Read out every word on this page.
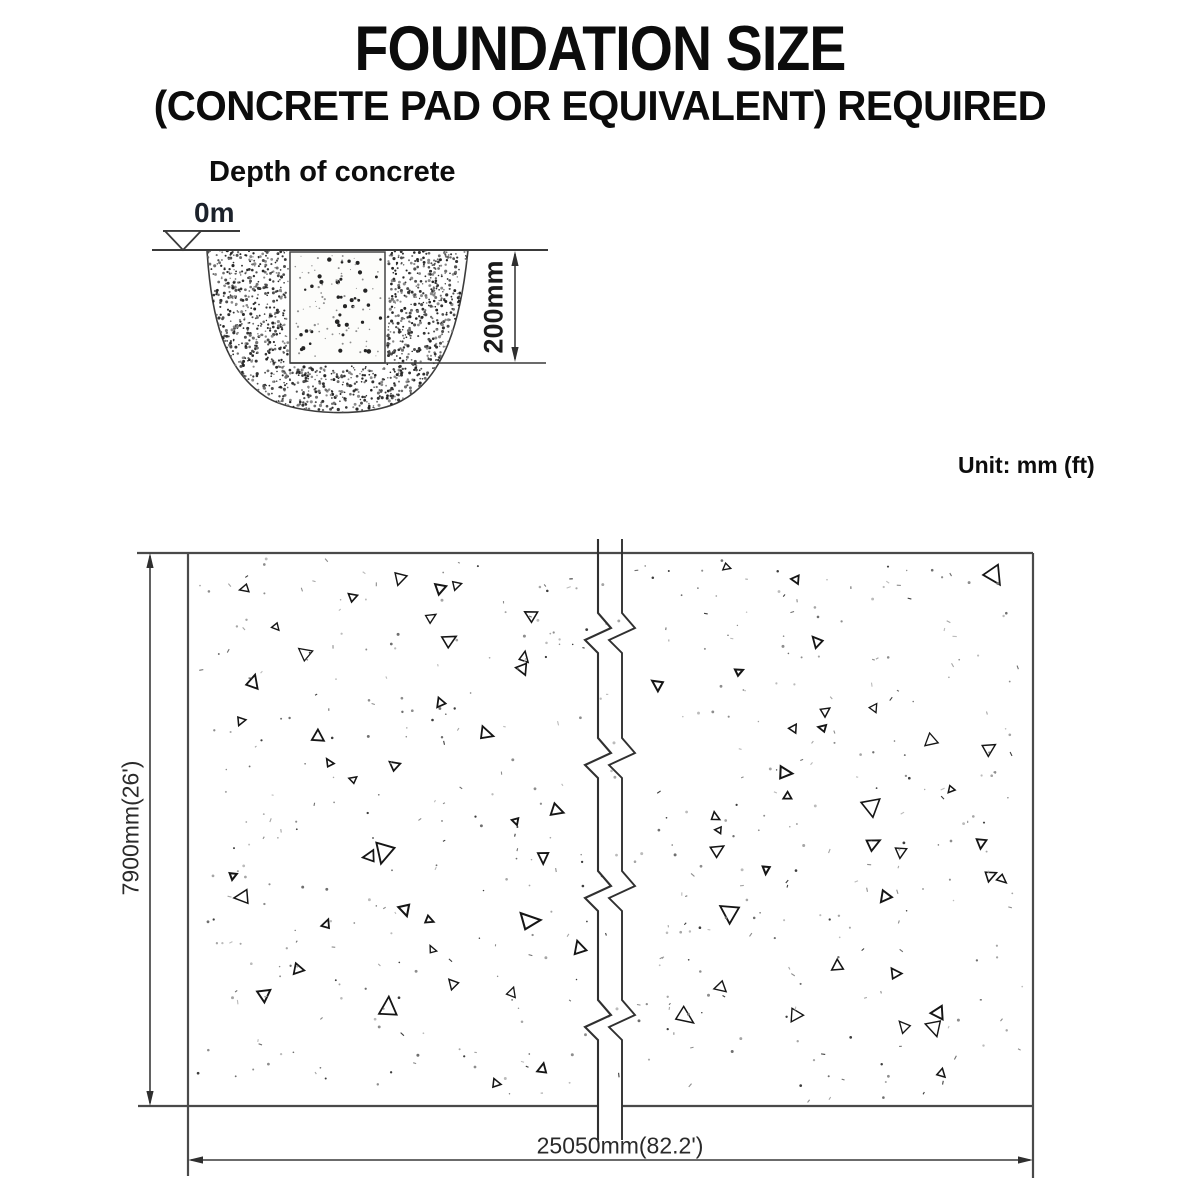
FOUNDATION SIZE
(CONCRETE PAD OR EQUIVALENT) REQUIRED
Depth of concrete
0m
200mm
Unit: mm (ft)
7900mm(26')
25050mm(82.2')
